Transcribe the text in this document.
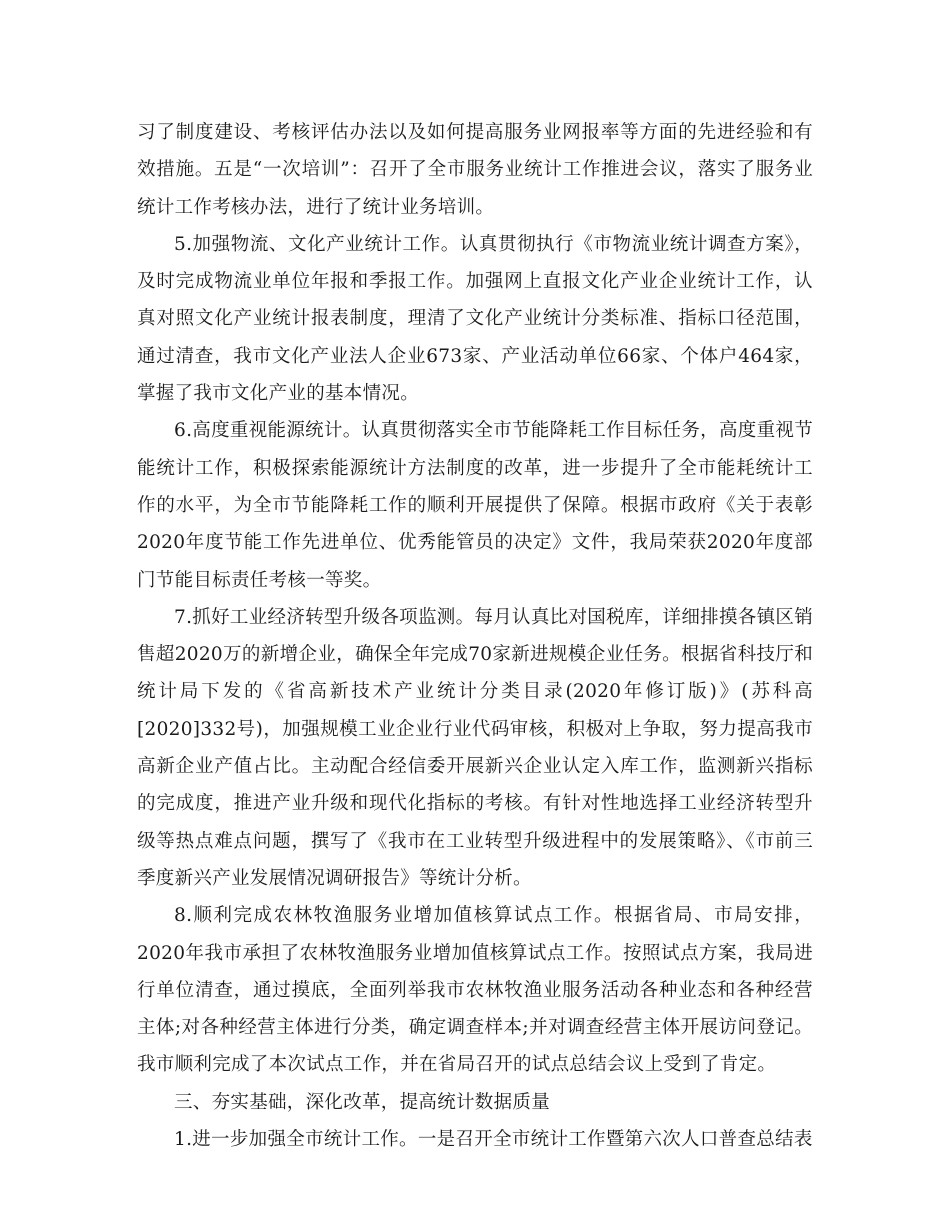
习了制度建设、考核评估办法以及如何提高服务业网报率等方面的先进经验和有效措施。五是“一次培训”：召开了全市服务业统计工作推进会议，落实了服务业统计工作考核办法，进行了统计业务培训。

5.加强物流、文化产业统计工作。认真贯彻执行《市物流业统计调查方案》，及时完成物流业单位年报和季报工作。加强网上直报文化产业企业统计工作，认真对照文化产业统计报表制度，理清了文化产业统计分类标准、指标口径范围，通过清查，我市文化产业法人企业673家、产业活动单位66家、个体户464家，掌握了我市文化产业的基本情况。

6.高度重视能源统计。认真贯彻落实全市节能降耗工作目标任务，高度重视节能统计工作，积极探索能源统计方法制度的改革，进一步提升了全市能耗统计工作的水平，为全市节能降耗工作的顺利开展提供了保障。根据市政府《关于表彰2020年度节能工作先进单位、优秀能管员的决定》文件，我局荣获2020年度部门节能目标责任考核一等奖。

7.抓好工业经济转型升级各项监测。每月认真比对国税库，详细排摸各镇区销售超2020万的新增企业，确保全年完成70家新进规模企业任务。根据省科技厅和统计局下发的《省高新技术产业统计分类目录(2020年修订版)》(苏科高[2020]332号)，加强规模工业企业行业代码审核，积极对上争取，努力提高我市高新企业产值占比。主动配合经信委开展新兴企业认定入库工作，监测新兴指标的完成度，推进产业升级和现代化指标的考核。有针对性地选择工业经济转型升级等热点难点问题，撰写了《我市在工业转型升级进程中的发展策略》、《市前三季度新兴产业发展情况调研报告》等统计分析。

8.顺利完成农林牧渔服务业增加值核算试点工作。根据省局、市局安排，2020年我市承担了农林牧渔服务业增加值核算试点工作。按照试点方案，我局进行单位清查，通过摸底，全面列举我市农林牧渔业服务活动各种业态和各种经营主体;对各种经营主体进行分类，确定调查样本;并对调查经营主体开展访问登记。我市顺利完成了本次试点工作，并在省局召开的试点总结会议上受到了肯定。

三、夯实基础，深化改革，提高统计数据质量

1.进一步加强全市统计工作。一是召开全市统计工作暨第六次人口普查总结表
